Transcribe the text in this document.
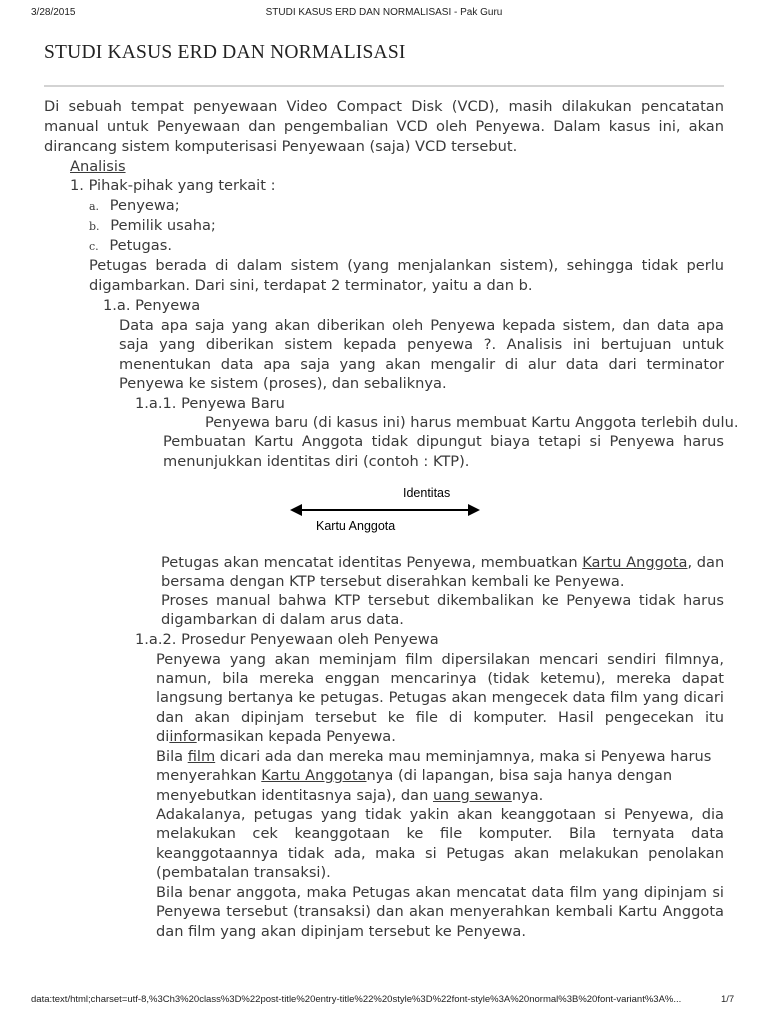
3/28/2015	STUDI KASUS ERD DAN NORMALISASI - Pak Guru
STUDI KASUS ERD DAN NORMALISASI
Di sebuah tempat penyewaan Video Compact Disk (VCD), masih dilakukan pencatatan
manual untuk Penyewaan dan pengembalian VCD oleh Penyewa. Dalam kasus ini, akan
dirancang sistem komputerisasi Penyewaan (saja) VCD tersebut.
Analisis
1. Pihak-pihak yang terkait :
a. Penyewa;
b. Pemilik usaha;
c. Petugas.
Petugas berada di dalam sistem (yang menjalankan sistem), sehingga tidak perlu
digambarkan. Dari sini, terdapat 2 terminator, yaitu a dan b.
1.a. Penyewa
Data apa saja yang akan diberikan oleh Penyewa kepada sistem, dan data apa
saja yang diberikan sistem kepada penyewa ?. Analisis ini bertujuan untuk
menentukan data apa saja yang akan mengalir di alur data dari terminator
Penyewa ke sistem (proses), dan sebaliknya.
1.a.1. Penyewa Baru
Penyewa baru (di kasus ini) harus membuat Kartu Anggota terlebih dulu.
Pembuatan Kartu Anggota tidak dipungut biaya tetapi si Penyewa harus
menunjukkan identitas diri (contoh : KTP).
Identitas
Kartu Anggota
Petugas akan mencatat identitas Penyewa, membuatkan Kartu Anggota, dan
bersama dengan KTP tersebut diserahkan kembali ke Penyewa.
Proses manual bahwa KTP tersebut dikembalikan ke Penyewa tidak harus
digambarkan di dalam arus data.
1.a.2. Prosedur Penyewaan oleh Penyewa
Penyewa yang akan meminjam film dipersilakan mencari sendiri filmnya,
namun, bila mereka enggan mencarinya (tidak ketemu), mereka dapat
langsung bertanya ke petugas. Petugas akan mengecek data film yang dicari
dan akan dipinjam tersebut ke file di komputer. Hasil pengecekan itu
diinformasikan kepada Penyewa.
Bila film dicari ada dan mereka mau meminjamnya, maka si Penyewa harus
menyerahkan Kartu Anggotanya (di lapangan, bisa saja hanya dengan
menyebutkan identitasnya saja), dan uang sewanya.
Adakalanya, petugas yang tidak yakin akan keanggotaan si Penyewa, dia
melakukan cek keanggotaan ke file komputer. Bila ternyata data
keanggotaannya tidak ada, maka si Petugas akan melakukan penolakan
(pembatalan transaksi).
Bila benar anggota, maka Petugas akan mencatat data film yang dipinjam si
Penyewa tersebut (transaksi) dan akan menyerahkan kembali Kartu Anggota
dan film yang akan dipinjam tersebut ke Penyewa.
data:text/html;charset=utf-8,%3Ch3%20class%3D%22post-title%20entry-title%22%20style%3D%22font-style%3A%20normal%3B%20font-variant%3A%...	1/7
